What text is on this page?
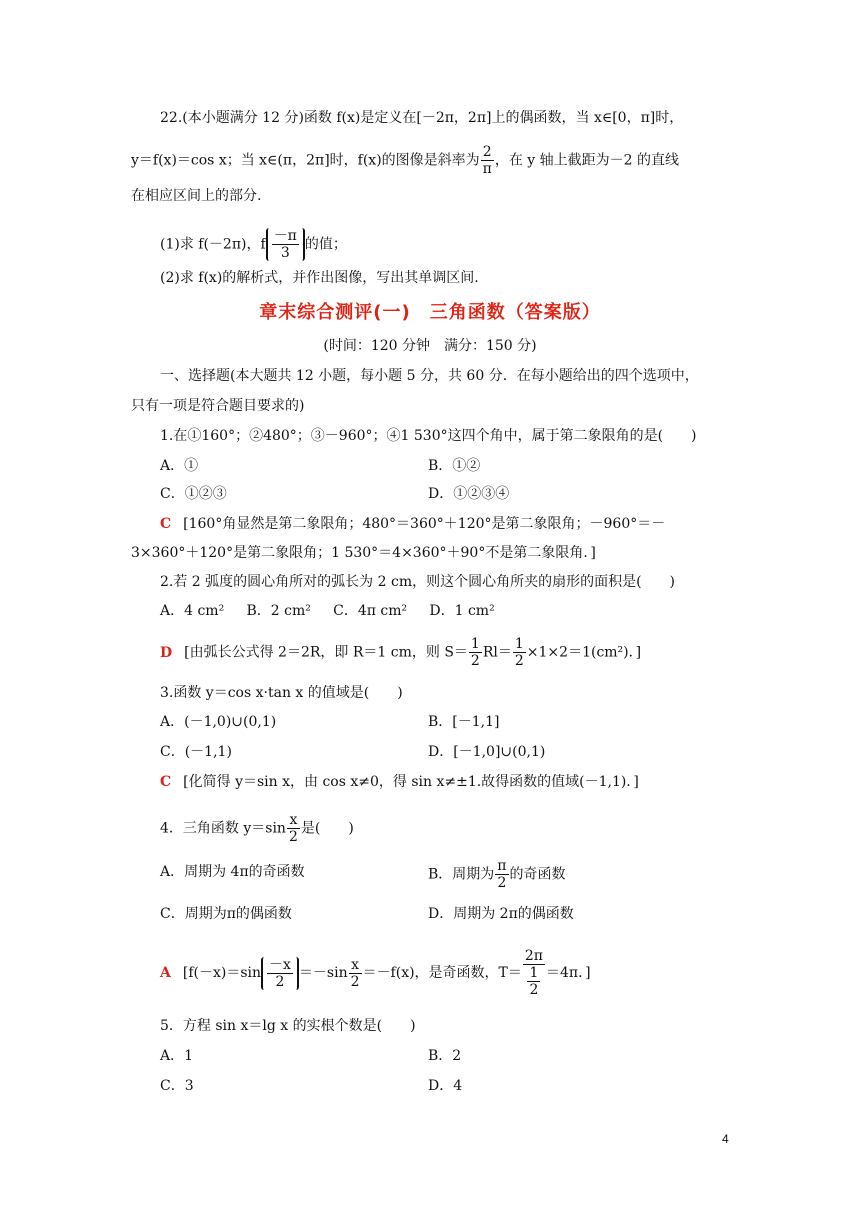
22.(本小题满分 12 分)函数 f(x)是定义在[－2π，2π]上的偶函数，当 x∈[0，π]时，
y＝f(x)＝cos x；当 x∈(π，2π]时，f(x)的图像是斜率为 $\frac{2}{\pi}$ ，在 y 轴上截距为－2 的直线
在相应区间上的部分.
(1)求 f(－2π)，f $\frac{-\pi}{3}$ 的值；
(2)求 f(x)的解析式，并作出图像，写出其单调区间.
章末综合测评(一)　三角函数（答案版）
(时间：120 分钟　满分：150 分)
一、选择题(本大题共 12 小题，每小题 5 分，共 60 分．在每小题给出的四个选项中，
只有一项是符合题目要求的)
1.在①160°；②480°；③－960°；④1 530°这四个角中，属于第二象限角的是(　　)
A．①	B．①②
C．①②③	D．①②③④
C [160°角显然是第二象限角；480°＝360°＋120°是第二象限角；－960°＝－
3×360°＋120°是第二象限角；1 530°＝4×360°＋90°不是第二象限角．]
2.若 2 弧度的圆心角所对的弧长为 2 cm，则这个圆心角所夹的扇形的面积是(　　)
A．4 cm² B．2 cm² C．4π cm² D．1 cm²
D [由弧长公式得 2＝2R，即 R＝1 cm，则 $S= \frac{1}{2} Rl= \frac{1}{2} \times 1\times 2=1(cm^2)$．]
3.函数 y＝cos x·tan x 的值域是(　　)
A．(－1,0)∪(0,1)	B．[－1,1]
C．(－1,1)	D．[－1,0]∪(0,1)
C [化简得 y＝sin x，由 cos x≠0，得 sin x≠±1.故得函数的值域(－1,1)．]
4．三角函数 $y=\sin \frac{x}{2}$ 是(　　)
A．周期为 4π的奇函数	B．周期为 $\frac{\pi}{2}$ 的奇函数
C．周期为π的偶函数	D．周期为 2π的偶函数
A [$f(-x)=\sin \frac{-x}{2} =-\sin \frac{x}{2} =-f(x)$，是奇函数，$T= \frac{2\pi}{\frac{1}{2}} =4\pi$．]
5．方程 sin x＝lg x 的实根个数是(　　)
A．1	B．2
C．3	D．4
4
